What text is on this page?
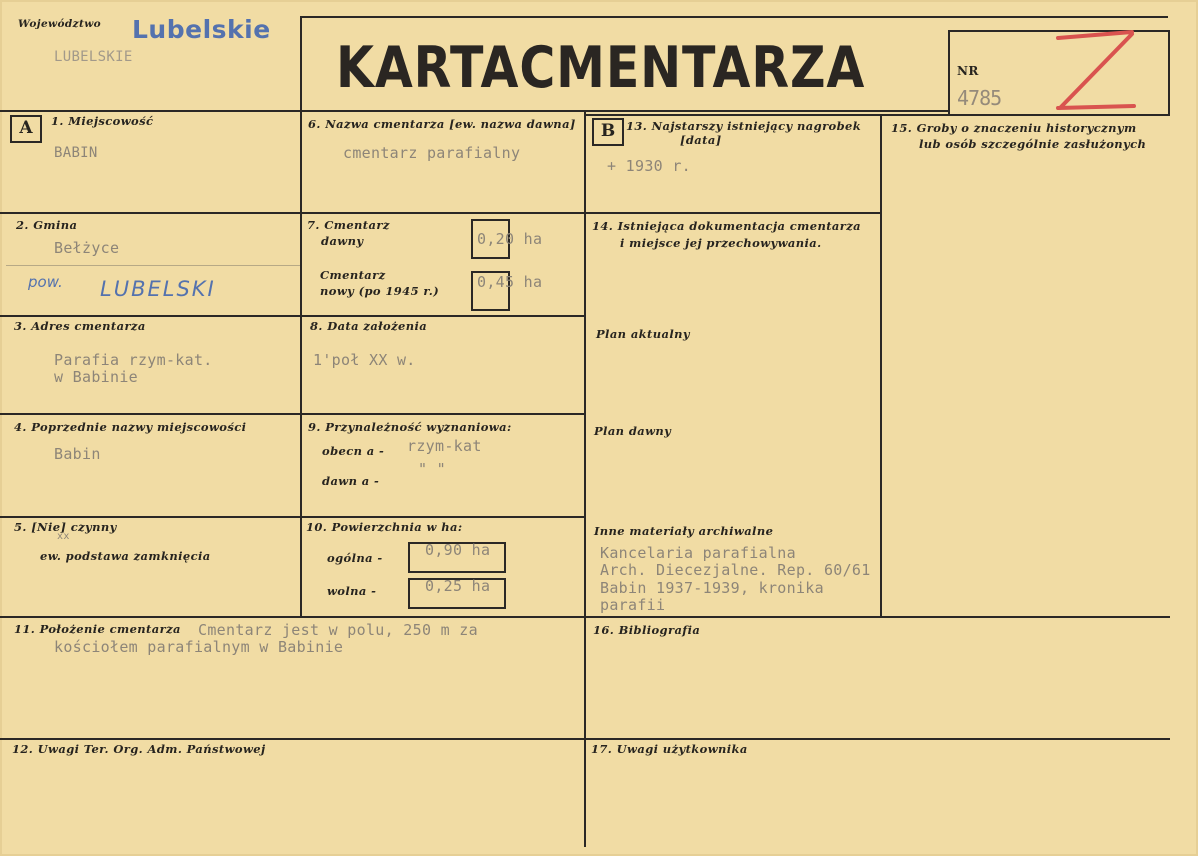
Województwo Lubelskie
LUBELSKIE	KARTA CMENTARZA	NR
4785
A	1. Miejscowość
BABIN
2. Gmina
Bełżyce
pow. LUBELSKI
3. Adres cmentarza
Parafia rzym-kat.
w Babinie
4. Poprzednie nazwy miejscowości
Babin
5. [Nie] czynny
xx
ew. podstawa zamknięcia
6. Nazwa cmentarza [ew. nazwa dawna]
cmentarz parafialny
7. Cmentarz
dawny	0,20 ha
Cmentarz
nowy (po 1945 r.)	0,45 ha
8. Data założenia
1'poł XX w.
9. Przynależność wyznaniowa:
obecn a - rzym-kat
dawn a -
" "
10. Powierzchnia w ha:
ogólna -	0,90 ha
wolna -	0,25 ha
11. Położenie cmentarza Cmentarz jest w polu, 250 m za
kościołem parafialnym w Babinie
12. Uwagi Ter. Org. Adm. Państwowej
B 13. Najstarszy istniejący nagrobek
[data]
+ 1930 r.
14. Istniejąca dokumentacja cmentarza
i miejsce jej przechowywania.
Plan aktualny
Plan dawny
Inne materiały archiwalne
Kancelaria parafialna
Arch. Diecezjalne. Rep. 60/61
Babin 1937-1939, kronika
parafii
15. Groby o znaczeniu historycznym
lub osób szczególnie zasłużonych
16. Bibliografia
17. Uwagi użytkownika
